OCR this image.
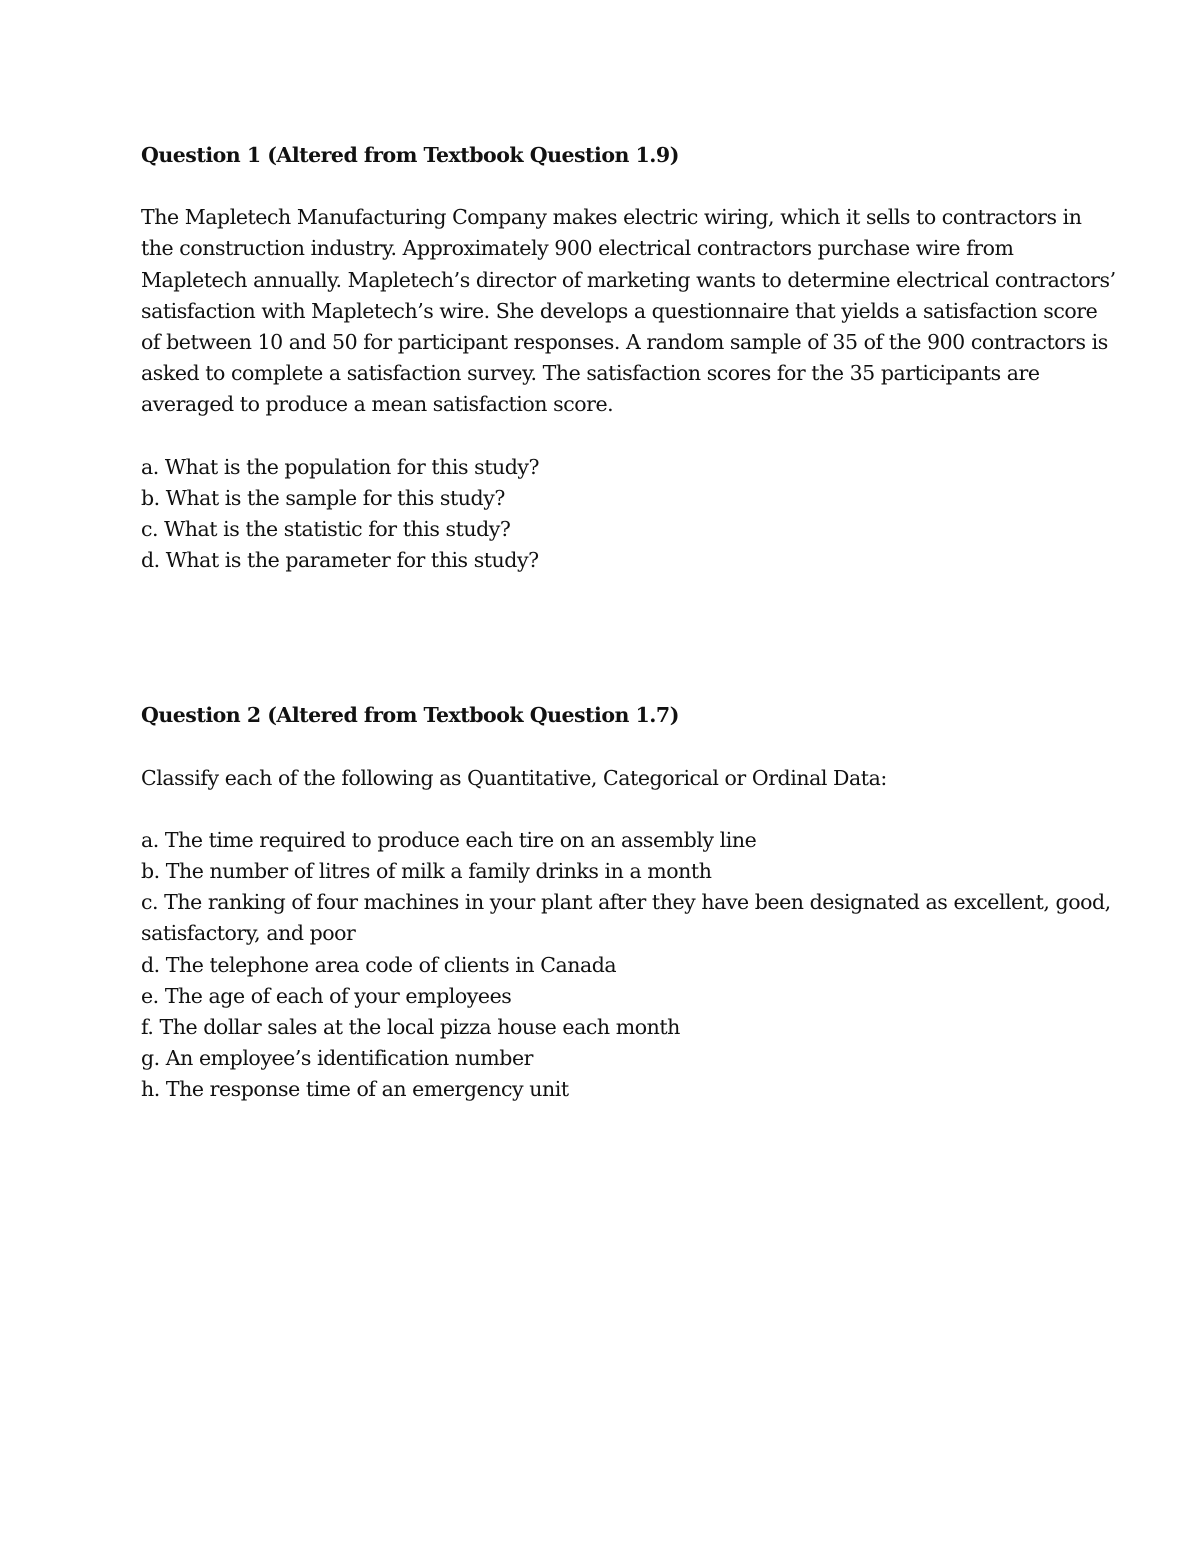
Question 1 (Altered from Textbook Question 1.9)

The Mapletech Manufacturing Company makes electric wiring, which it sells to contractors in
the construction industry. Approximately 900 electrical contractors purchase wire from
Mapletech annually. Mapletech’s director of marketing wants to determine electrical contractors’
satisfaction with Mapletech’s wire. She develops a questionnaire that yields a satisfaction score
of between 10 and 50 for participant responses. A random sample of 35 of the 900 contractors is
asked to complete a satisfaction survey. The satisfaction scores for the 35 participants are
averaged to produce a mean satisfaction score.
a. What is the population for this study?
b. What is the sample for this study?
c. What is the statistic for this study?
d. What is the parameter for this study?

Question 2 (Altered from Textbook Question 1.7)

Classify each of the following as Quantitative, Categorical or Ordinal Data:
a. The time required to produce each tire on an assembly line
b. The number of litres of milk a family drinks in a month
c. The ranking of four machines in your plant after they have been designated as excellent, good,
satisfactory, and poor
d. The telephone area code of clients in Canada
e. The age of each of your employees
f. The dollar sales at the local pizza house each month
g. An employee’s identification number
h. The response time of an emergency unit
